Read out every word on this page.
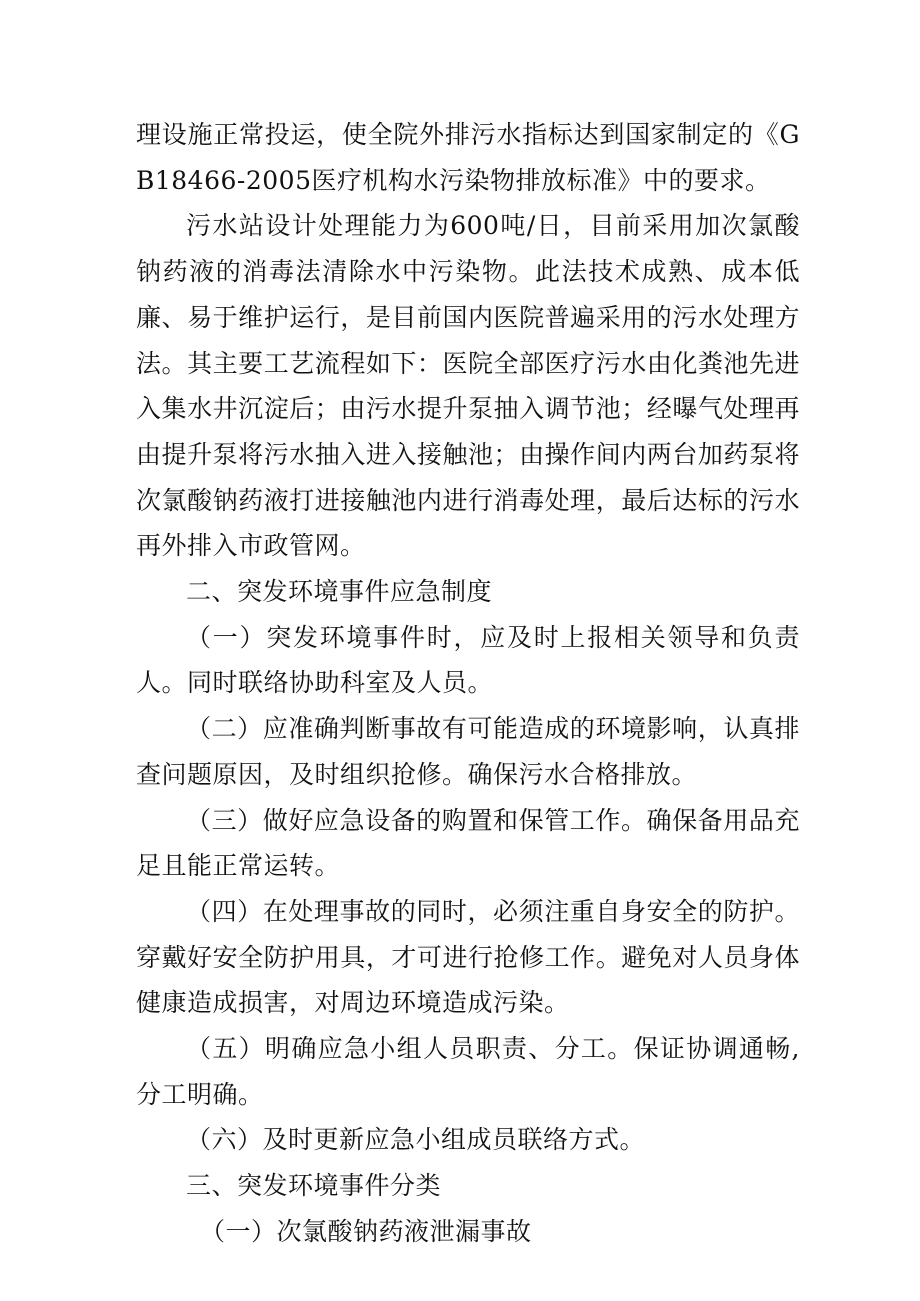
理设施正常投运，使全院外排污水指标达到国家制定的《GB18466-2005医疗机构水污染物排放标准》中的要求。

污水站设计处理能力为600吨/日，目前采用加次氯酸钠药液的消毒法清除水中污染物。此法技术成熟、成本低廉、易于维护运行，是目前国内医院普遍采用的污水处理方法。其主要工艺流程如下：医院全部医疗污水由化粪池先进入集水井沉淀后；由污水提升泵抽入调节池；经曝气处理再由提升泵将污水抽入进入接触池；由操作间内两台加药泵将次氯酸钠药液打进接触池内进行消毒处理，最后达标的污水再外排入市政管网。

二、突发环境事件应急制度

（一）突发环境事件时，应及时上报相关领导和负责人。同时联络协助科室及人员。

（二）应准确判断事故有可能造成的环境影响，认真排查问题原因，及时组织抢修。确保污水合格排放。

（三）做好应急设备的购置和保管工作。确保备用品充足且能正常运转。

（四）在处理事故的同时，必须注重自身安全的防护。穿戴好安全防护用具，才可进行抢修工作。避免对人员身体健康造成损害，对周边环境造成污染。

（五）明确应急小组人员职责、分工。保证协调通畅,分工明确。

（六）及时更新应急小组成员联络方式。

三、突发环境事件分类

（一）次氯酸钠药液泄漏事故
